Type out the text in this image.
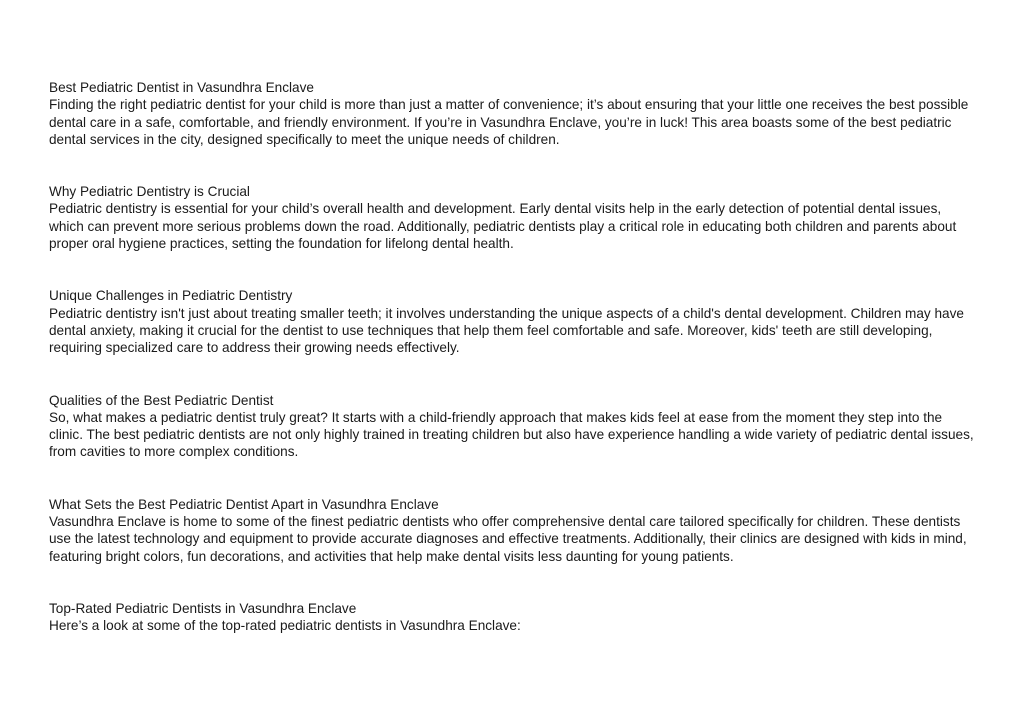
Best Pediatric Dentist in Vasundhra Enclave

Finding the right pediatric dentist for your child is more than just a matter of convenience; it’s about ensuring that your little one receives the best possible dental care in a safe, comfortable, and friendly environment. If you’re in Vasundhra Enclave, you’re in luck! This area boasts some of the best pediatric dental services in the city, designed specifically to meet the unique needs of children.

Why Pediatric Dentistry is Crucial

Pediatric dentistry is essential for your child’s overall health and development. Early dental visits help in the early detection of potential dental issues, which can prevent more serious problems down the road. Additionally, pediatric dentists play a critical role in educating both children and parents about proper oral hygiene practices, setting the foundation for lifelong dental health.

Unique Challenges in Pediatric Dentistry

Pediatric dentistry isn't just about treating smaller teeth; it involves understanding the unique aspects of a child's dental development. Children may have dental anxiety, making it crucial for the dentist to use techniques that help them feel comfortable and safe. Moreover, kids' teeth are still developing, requiring specialized care to address their growing needs effectively.

Qualities of the Best Pediatric Dentist

So, what makes a pediatric dentist truly great? It starts with a child-friendly approach that makes kids feel at ease from the moment they step into the clinic. The best pediatric dentists are not only highly trained in treating children but also have experience handling a wide variety of pediatric dental issues, from cavities to more complex conditions.

What Sets the Best Pediatric Dentist Apart in Vasundhra Enclave

Vasundhra Enclave is home to some of the finest pediatric dentists who offer comprehensive dental care tailored specifically for children. These dentists use the latest technology and equipment to provide accurate diagnoses and effective treatments. Additionally, their clinics are designed with kids in mind, featuring bright colors, fun decorations, and activities that help make dental visits less daunting for young patients.

Top-Rated Pediatric Dentists in Vasundhra Enclave

Here’s a look at some of the top-rated pediatric dentists in Vasundhra Enclave:
